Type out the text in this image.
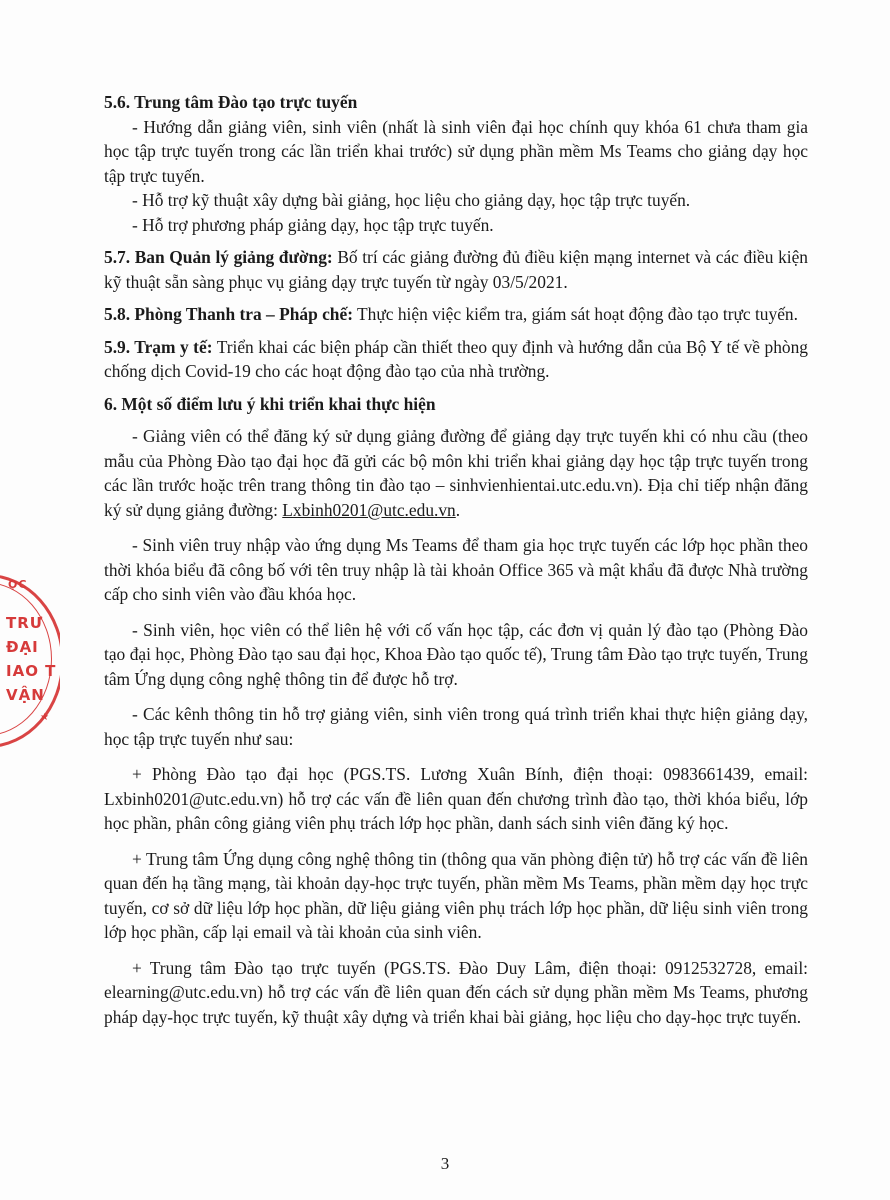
5.6. Trung tâm Đào tạo trực tuyến

- Hướng dẫn giảng viên, sinh viên (nhất là sinh viên đại học chính quy khóa 61 chưa tham gia học tập trực tuyến trong các lần triển khai trước) sử dụng phần mềm Ms Teams cho giảng dạy học tập trực tuyến.

- Hỗ trợ kỹ thuật xây dựng bài giảng, học liệu cho giảng dạy, học tập trực tuyến.

- Hỗ trợ phương pháp giảng dạy, học tập trực tuyến.

5.7. Ban Quản lý giảng đường: Bố trí các giảng đường đủ điều kiện mạng internet và các điều kiện kỹ thuật sẵn sàng phục vụ giảng dạy trực tuyến từ ngày 03/5/2021.

5.8. Phòng Thanh tra – Pháp chế: Thực hiện việc kiểm tra, giám sát hoạt động đào tạo trực tuyến.

5.9. Trạm y tế: Triển khai các biện pháp cần thiết theo quy định và hướng dẫn của Bộ Y tế về phòng chống dịch Covid-19 cho các hoạt động đào tạo của nhà trường.

6. Một số điểm lưu ý khi triển khai thực hiện

- Giảng viên có thể đăng ký sử dụng giảng đường để giảng dạy trực tuyến khi có nhu cầu (theo mẫu của Phòng Đào tạo đại học đã gửi các bộ môn khi triển khai giảng dạy học tập trực tuyến trong các lần trước hoặc trên trang thông tin đào tạo – sinhvienhientai.utc.edu.vn). Địa chỉ tiếp nhận đăng ký sử dụng giảng đường: Lxbinh0201@utc.edu.vn.

- Sinh viên truy nhập vào ứng dụng Ms Teams để tham gia học trực tuyến các lớp học phần theo thời khóa biểu đã công bố với tên truy nhập là tài khoản Office 365 và mật khẩu đã được Nhà trường cấp cho sinh viên vào đầu khóa học.

- Sinh viên, học viên có thể liên hệ với cố vấn học tập, các đơn vị quản lý đào tạo (Phòng Đào tạo đại học, Phòng Đào tạo sau đại học, Khoa Đào tạo quốc tế), Trung tâm Đào tạo trực tuyến, Trung tâm Ứng dụng công nghệ thông tin để được hỗ trợ.

- Các kênh thông tin hỗ trợ giảng viên, sinh viên trong quá trình triển khai thực hiện giảng dạy, học tập trực tuyến như sau:

+ Phòng Đào tạo đại học (PGS.TS. Lương Xuân Bính, điện thoại: 0983661439, email: Lxbinh0201@utc.edu.vn) hỗ trợ các vấn đề liên quan đến chương trình đào tạo, thời khóa biểu, lớp học phần, phân công giảng viên phụ trách lớp học phần, danh sách sinh viên đăng ký học.

+ Trung tâm Ứng dụng công nghệ thông tin (thông qua văn phòng điện tử) hỗ trợ các vấn đề liên quan đến hạ tầng mạng, tài khoản dạy-học trực tuyến, phần mềm Ms Teams, phần mềm dạy học trực tuyến, cơ sở dữ liệu lớp học phần, dữ liệu giảng viên phụ trách lớp học phần, dữ liệu sinh viên trong lớp học phần, cấp lại email và tài khoản của sinh viên.

+ Trung tâm Đào tạo trực tuyến (PGS.TS. Đào Duy Lâm, điện thoại: 0912532728, email: elearning@utc.edu.vn) hỗ trợ các vấn đề liên quan đến cách sử dụng phần mềm Ms Teams, phương pháp dạy-học trực tuyến, kỹ thuật xây dựng và triển khai bài giảng, học liệu cho dạy-học trực tuyến.

3
ỌC
TRƯ
ĐẠI
IAO T
VẬN
★
